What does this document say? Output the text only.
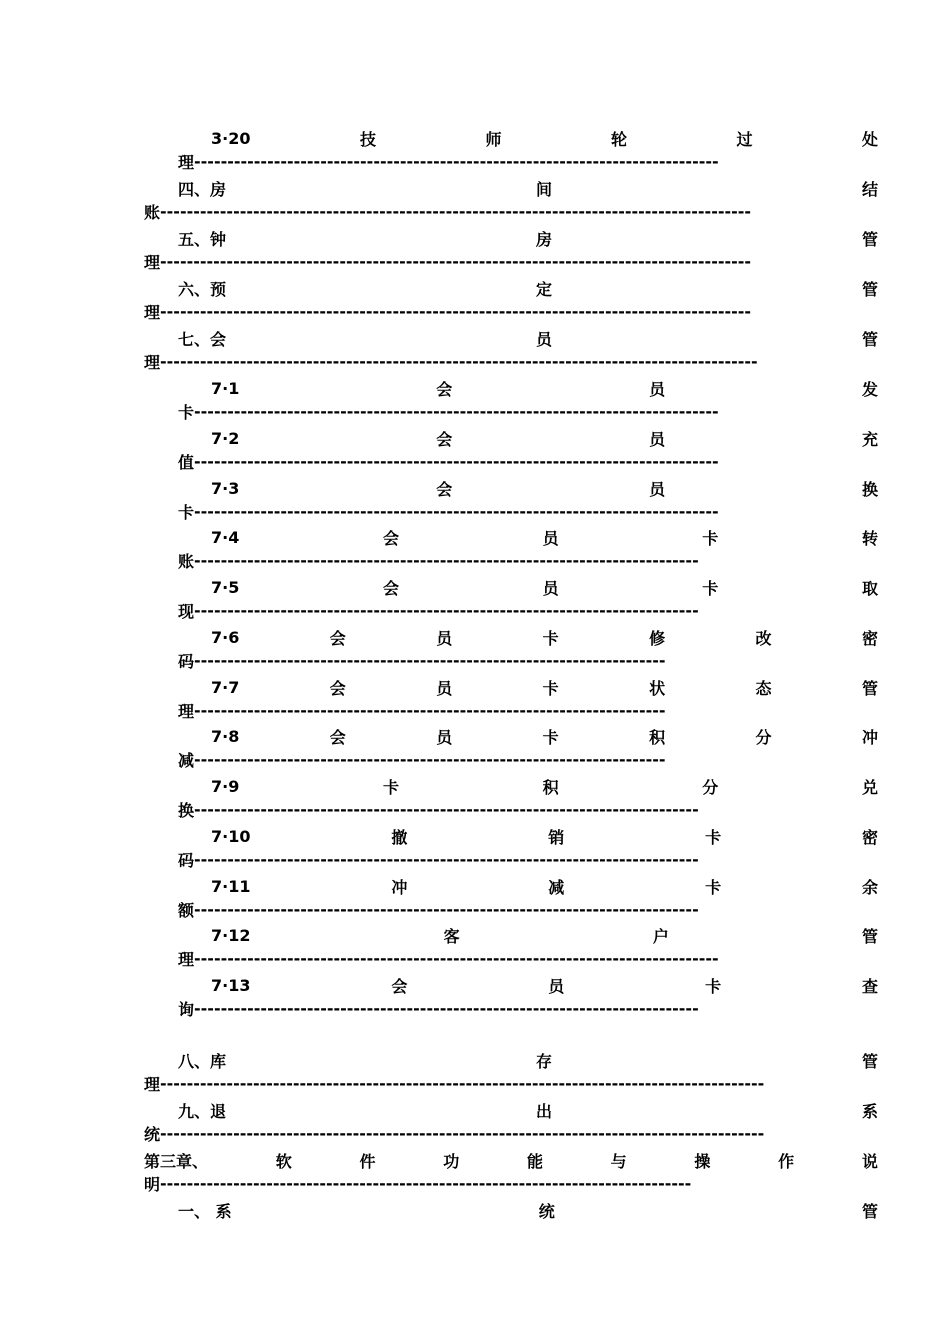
3·20	技	师	轮	过	处
理 -------------------------------------------------------------------------------
四、房	间	结
账 -----------------------------------------------------------------------------------------
五、钟	房	管
理 -----------------------------------------------------------------------------------------
六、预	定	管
理 -----------------------------------------------------------------------------------------
七、会	员	管
理 ------------------------------------------------------------------------------------------
7·1	会	员	发
卡 -------------------------------------------------------------------------------
7·2	会	员	充
值 -------------------------------------------------------------------------------
7·3	会	员	换
卡 -------------------------------------------------------------------------------
7·4	会	员	卡	转
账 ----------------------------------------------------------------------------
7·5	会	员	卡	取
现 ----------------------------------------------------------------------------
7·6	会	员	卡	修	改	密
码 -----------------------------------------------------------------------
7·7	会	员	卡	状	态	管
理 -----------------------------------------------------------------------
7·8	会	员	卡	积	分	冲
减 -----------------------------------------------------------------------
7·9	卡	积	分	兑
换 ----------------------------------------------------------------------------
7·10	撤	销	卡	密
码 ----------------------------------------------------------------------------
7·11	冲	减	卡	余
额 ----------------------------------------------------------------------------
7·12	客	户	管
理 -------------------------------------------------------------------------------
7·13	会	员	卡	查
询 ----------------------------------------------------------------------------
八、库	存	管
理 -------------------------------------------------------------------------------------------
九、退	出	系
统 -------------------------------------------------------------------------------------------
第三章、	软	件	功	能	与	操	作	说
明 --------------------------------------------------------------------------------
一、 系	统	管
